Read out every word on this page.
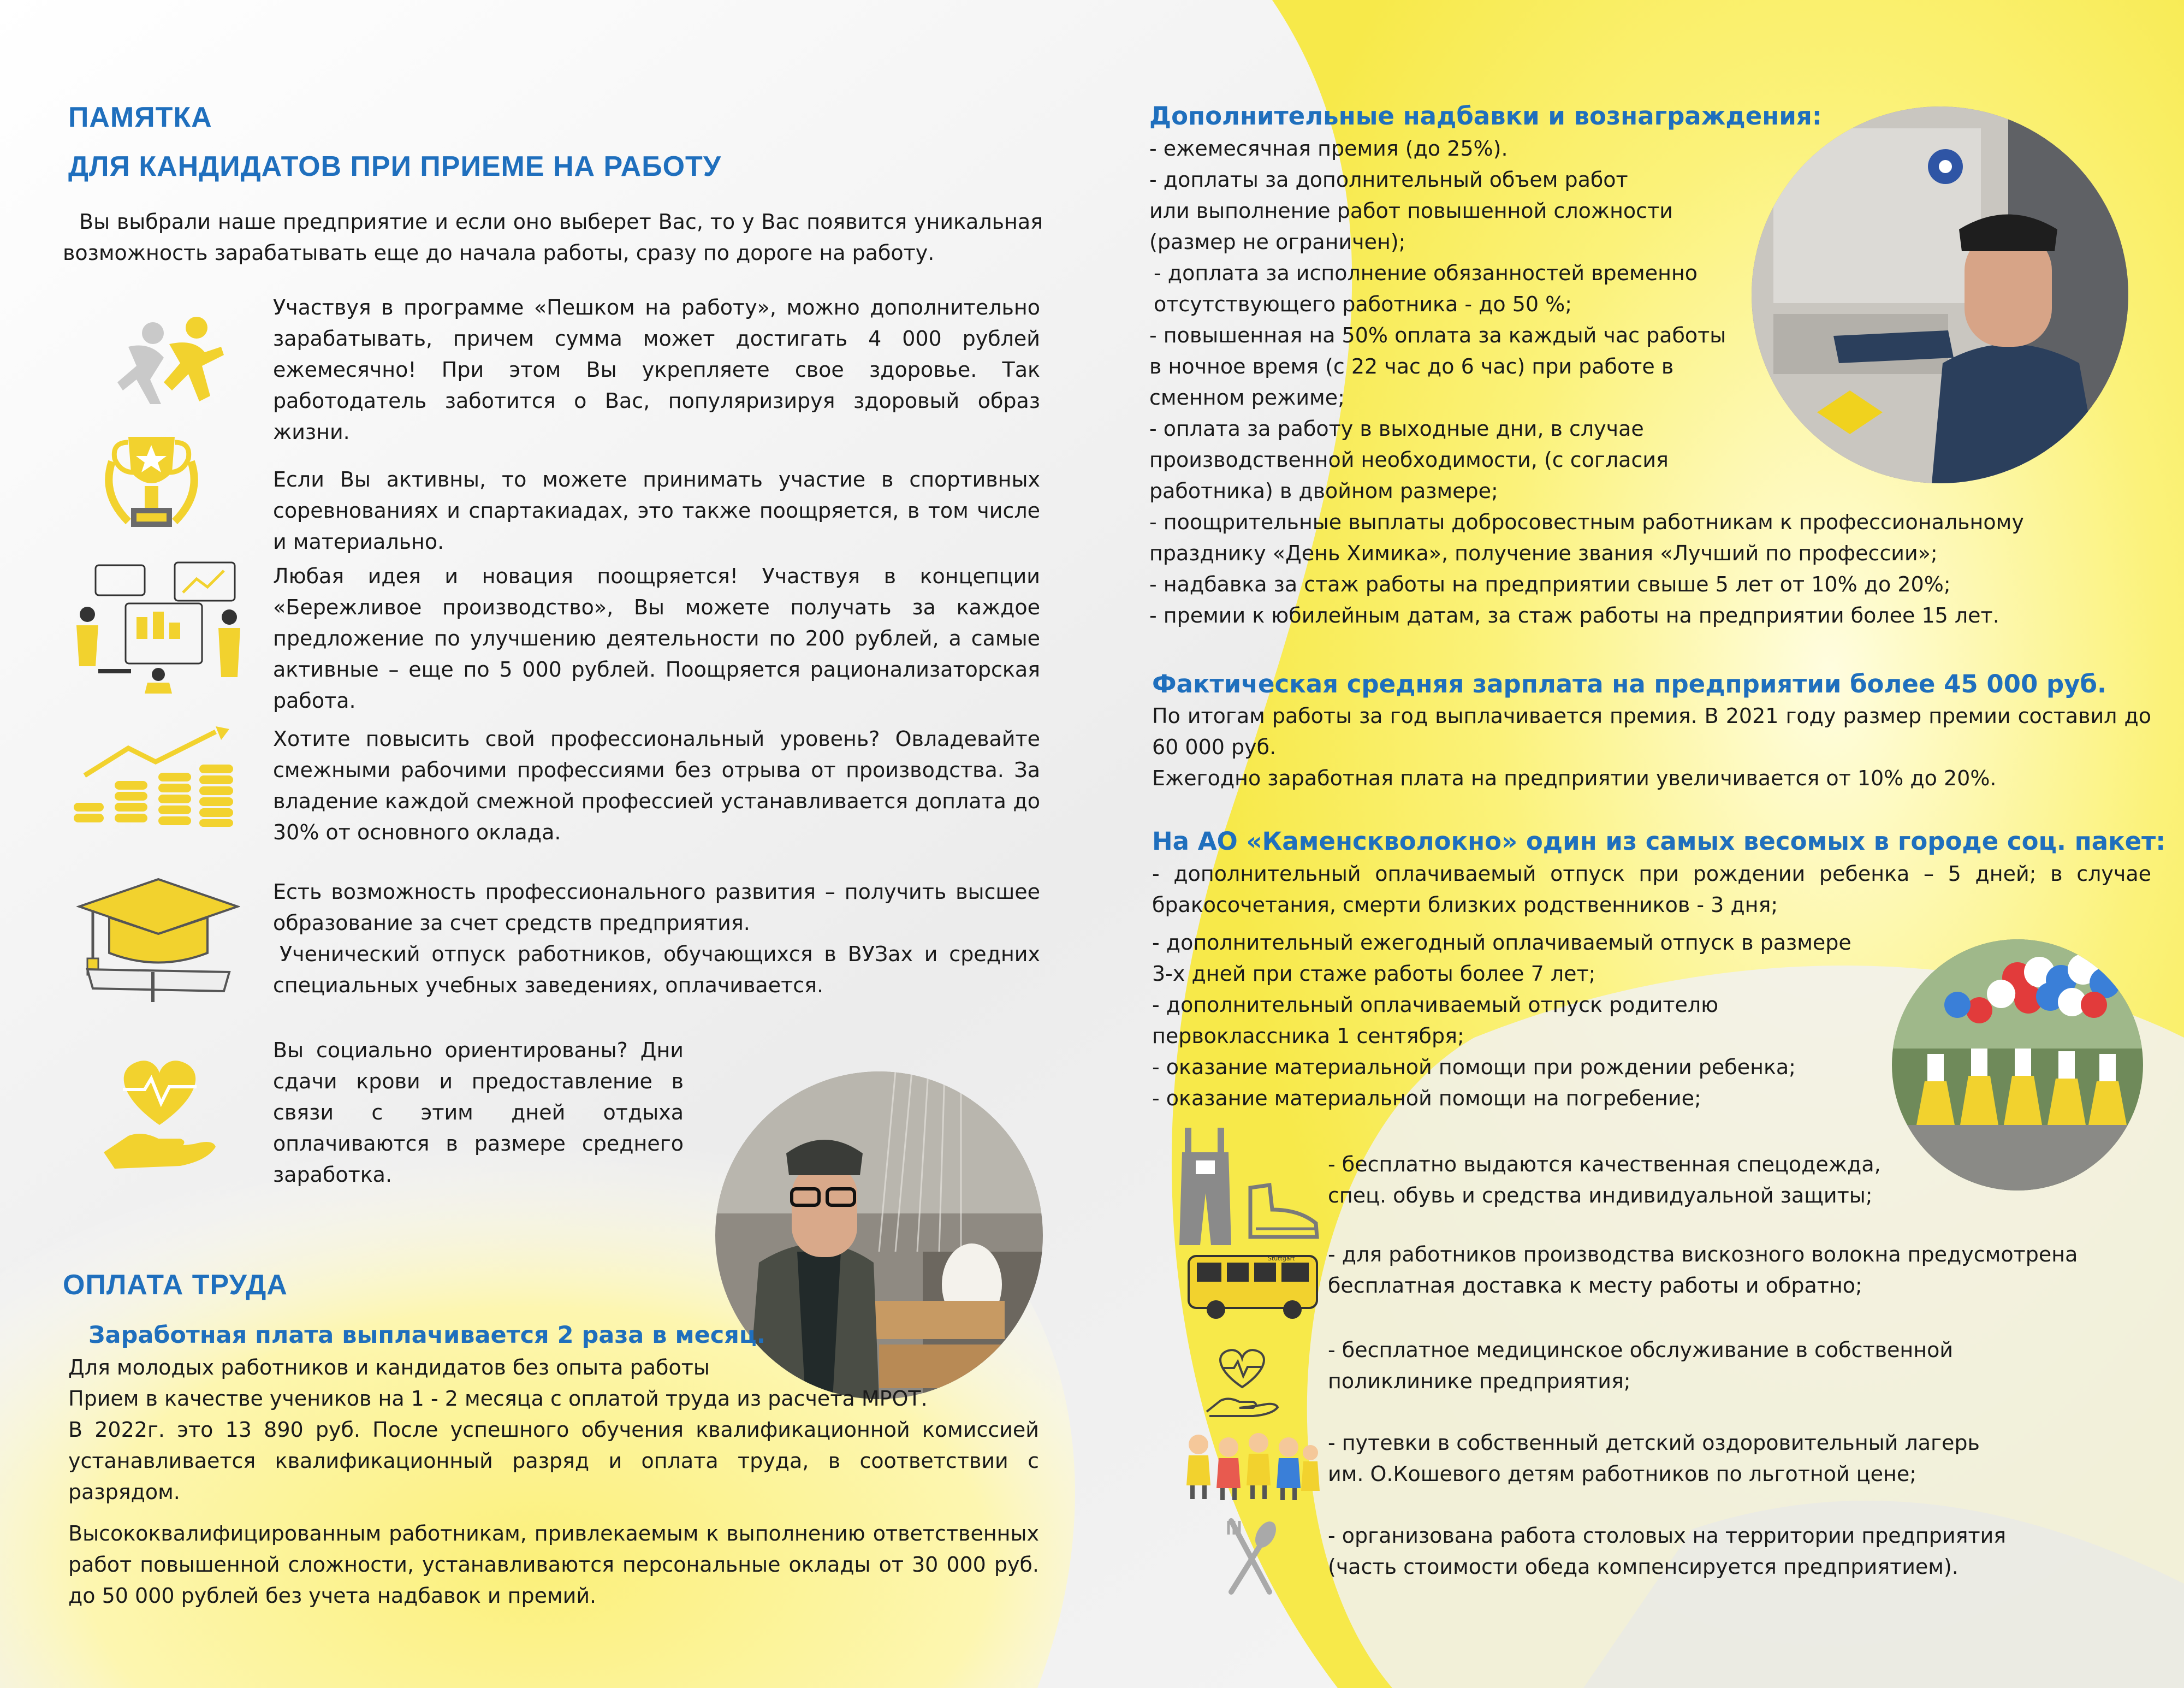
ПАМЯТКА
ДЛЯ КАНДИДАТОВ ПРИ ПРИЕМЕ НА РАБОТУ
Вы выбрали наше предприятие и если оно выберет Вас, то у Вас появится уникальная возможность зарабатывать еще до начала работы, сразу по дороге на работу.
Участвуя в программе «Пешком на работу», можно дополнительно зарабатывать, причем сумма может достигать 4 000 рублей ежемесячно! При этом Вы укрепляете свое здоровье. Так работодатель заботится о Вас, популяризируя здоровый образ жизни.
Если Вы активны, то можете принимать участие в спортивных соревнованиях и спартакиадах, это также поощряется, в том числе и материально.
Любая идея и новация поощряется! Участвуя в концепции «Бережливое производство», Вы можете получать за каждое предложение по улучшению деятельности по 200 рублей, а самые активные – еще по 5 000 рублей. Поощряется рационализаторская работа.
Хотите повысить свой профессиональный уровень? Овладевайте смежными рабочими профессиями без отрыва от производства. За владение каждой смежной профессией устанавливается доплата до 30% от основного оклада.
Есть возможность профессионального развития – получить высшее образование за счет средств предприятия.
Ученический отпуск работников, обучающихся в ВУЗах и средних специальных учебных заведениях, оплачивается.
Вы социально ориентированы? Дни сдачи крови и предоставление в связи с этим дней отдыха оплачиваются в размере среднего заработка.
ОПЛАТА ТРУДА
Заработная плата выплачивается 2 раза в месяц.
Для молодых работников и кандидатов без опыта работы
Прием в качестве учеников на 1 - 2 месяца с оплатой труда из расчета МРОТ.
В 2022г. это 13 890 руб. После успешного обучения квалификационной комиссией устанавливается квалификационный разряд и оплата труда, в соответствии с разрядом.
Высококвалифицированным работникам, привлекаемым к выполнению ответственных работ повышенной сложности, устанавливаются персональные оклады от 30 000 руб. до 50 000 рублей без учета надбавок и премий.
Дополнительные надбавки и вознаграждения:
- ежемесячная премия (до 25%).
- доплаты за дополнительный объем работ
или выполнение работ повышенной сложности
(размер не ограничен);
- доплата за исполнение обязанностей временно
отсутствующего работника - до 50 %;
- повышенная на 50% оплата за каждый час работы
в ночное время (с 22 час до 6 час) при работе в
сменном режиме;
- оплата за работу в выходные дни, в случае
производственной необходимости, (с согласия
работника) в двойном размере;
- поощрительные выплаты добросовестным работникам к профессиональному
празднику «День Химика», получение звания «Лучший по профессии»;
- надбавка за стаж работы на предприятии свыше 5 лет от 10% до 20%;
- премии к юбилейным датам, за стаж работы на предприятии более 15 лет.
Фактическая средняя зарплата на предприятии более 45 000 руб.
По итогам работы за год выплачивается премия. В 2021 году размер премии составил до 60 000 руб.
Ежегодно заработная плата на предприятии увеличивается от 10% до 20%.
На АО «Каменскволокно» один из самых весомых в городе соц. пакет:
- дополнительный оплачиваемый отпуск при рождении ребенка – 5 дней; в случае бракосочетания, смерти близких родственников - 3 дня;
- дополнительный ежегодный оплачиваемый отпуск в размере
3-х дней при стаже работы более 7 лет;
- дополнительный оплачиваемый отпуск родителю
первоклассника 1 сентября;
- оказание материальной помощи при рождении ребенка;
- оказание материальной помощи на погребение;
- бесплатно выдаются качественная спецодежда,
спец. обувь и средства индивидуальной защиты;
Stuttgart - для работников производства вискозного волокна предусмотрена
бесплатная доставка к месту работы и обратно;
- бесплатное медицинское обслуживание в собственной
поликлинике предприятия;
- путевки в собственный детский оздоровительный лагерь
им. О.Кошевого детям работников по льготной цене;
- организована работа столовых на территории предприятия
(часть стоимости обеда компенсируется предприятием).
